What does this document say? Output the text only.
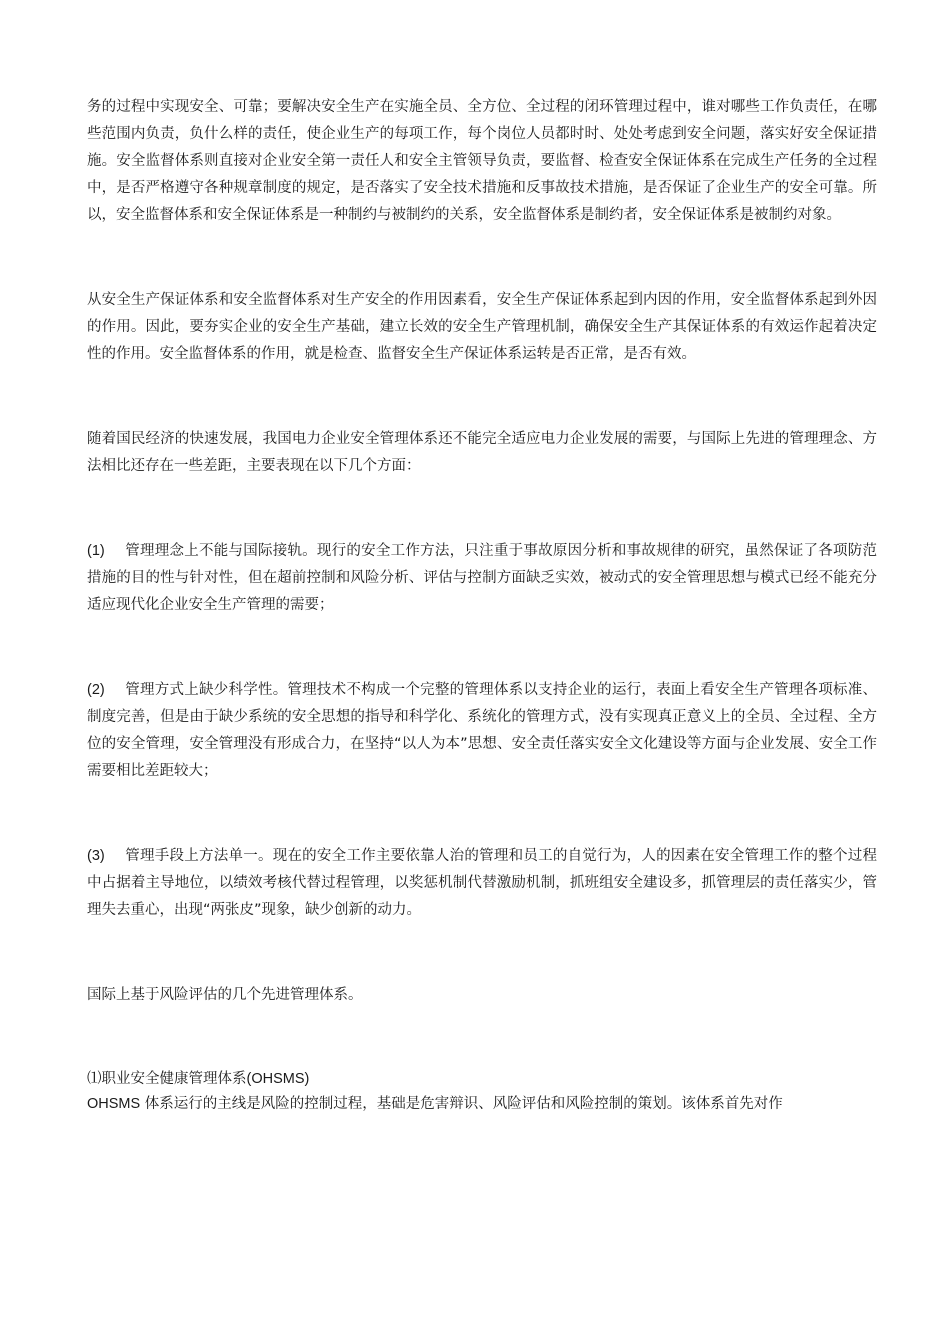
务的过程中实现安全、可靠；要解决安全生产在实施全员、全方位、全过程的闭环管理过程中，谁对哪些工作负责任，在哪些范围内负责，负什么样的责任，使企业生产的每项工作，每个岗位人员都时时、处处考虑到安全问题，落实好安全保证措施。安全监督体系则直接对企业安全第一责任人和安全主管领导负责，要监督、检查安全保证体系在完成生产任务的全过程中，是否严格遵守各种规章制度的规定，是否落实了安全技术措施和反事故技术措施，是否保证了企业生产的安全可靠。所以，安全监督体系和安全保证体系是一种制约与被制约的关系，安全监督体系是制约者，安全保证体系是被制约对象。

从安全生产保证体系和安全监督体系对生产安全的作用因素看，安全生产保证体系起到内因的作用，安全监督体系起到外因的作用。因此，要夯实企业的安全生产基础，建立长效的安全生产管理机制，确保安全生产其保证体系的有效运作起着决定性的作用。安全监督体系的作用，就是检查、监督安全生产保证体系运转是否正常，是否有效。

随着国民经济的快速发展，我国电力企业安全管理体系还不能完全适应电力企业发展的需要，与国际上先进的管理理念、方法相比还存在一些差距，主要表现在以下几个方面：

(1) 管理理念上不能与国际接轨。现行的安全工作方法，只注重于事故原因分析和事故规律的研究，虽然保证了各项防范措施的目的性与针对性，但在超前控制和风险分析、评估与控制方面缺乏实效，被动式的安全管理思想与模式已经不能充分适应现代化企业安全生产管理的需要；

(2) 管理方式上缺少科学性。管理技术不构成一个完整的管理体系以支持企业的运行，表面上看安全生产管理各项标准、制度完善，但是由于缺少系统的安全思想的指导和科学化、系统化的管理方式，没有实现真正意义上的全员、全过程、全方位的安全管理，安全管理没有形成合力，在坚持“以人为本”思想、安全责任落实安全文化建设等方面与企业发展、安全工作需要相比差距较大；

(3) 管理手段上方法单一。现在的安全工作主要依靠人治的管理和员工的自觉行为，人的因素在安全管理工作的整个过程中占据着主导地位，以绩效考核代替过程管理，以奖惩机制代替激励机制，抓班组安全建设多，抓管理层的责任落实少，管理失去重心，出现“两张皮”现象，缺少创新的动力。

国际上基于风险评估的几个先进管理体系。

⑴职业安全健康管理体系(OHSMS)

OHSMS 体系运行的主线是风险的控制过程，基础是危害辩识、风险评估和风险控制的策划。该体系首先对作
